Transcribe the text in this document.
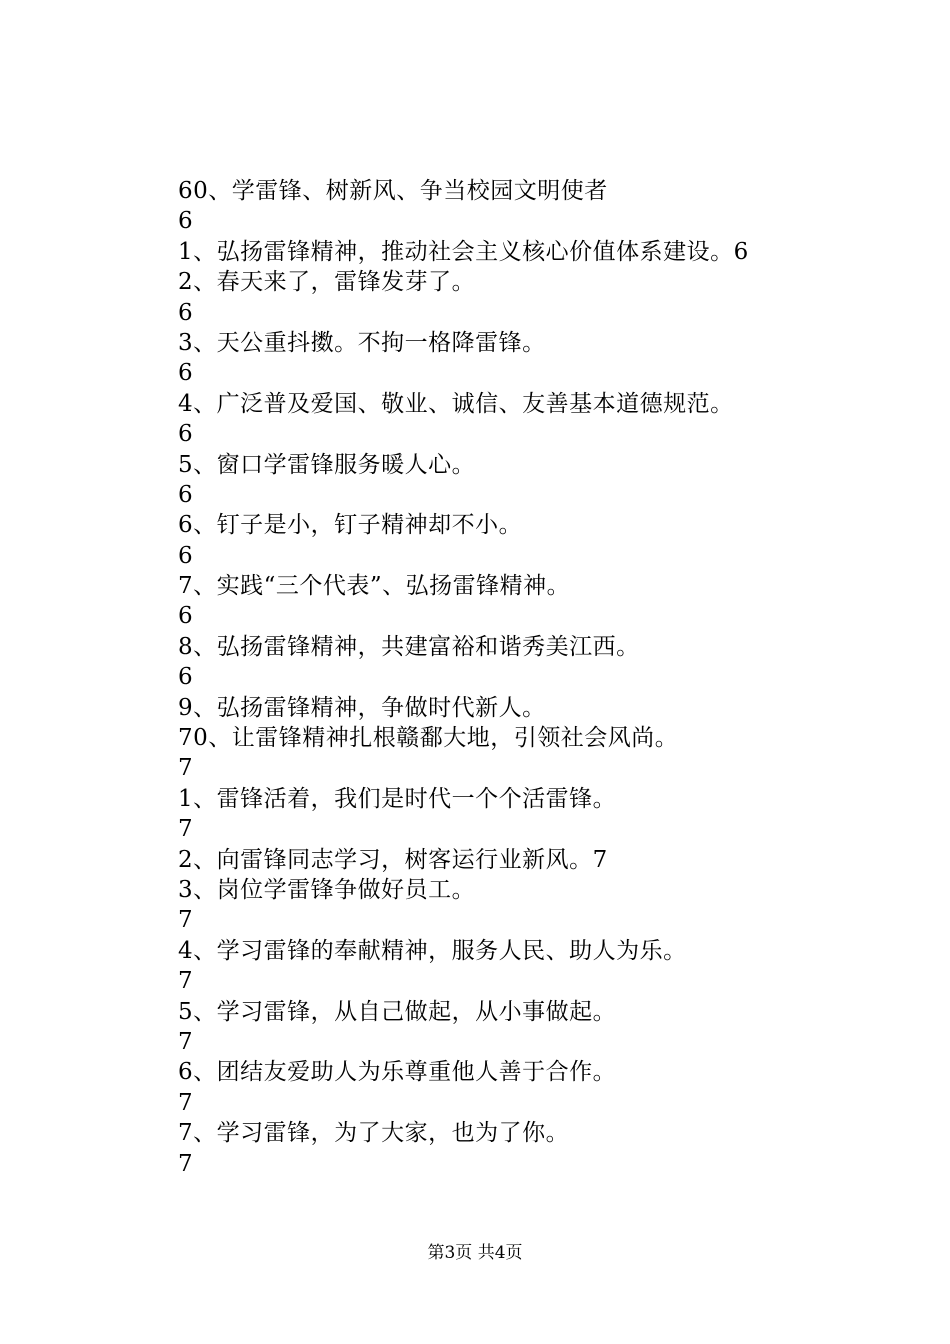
60、学雷锋、树新风、争当校园文明使者
6
1、弘扬雷锋精神，推动社会主义核心价值体系建设。6
2、春天来了，雷锋发芽了。
6
3、天公重抖擞。不拘一格降雷锋。
6
4、广泛普及爱国、敬业、诚信、友善基本道德规范。
6
5、窗口学雷锋服务暖人心。
6
6、钉子是小，钉子精神却不小。
6
7、实践“三个代表”、弘扬雷锋精神。
6
8、弘扬雷锋精神，共建富裕和谐秀美江西。
6
9、弘扬雷锋精神，争做时代新人。
70、让雷锋精神扎根赣鄱大地，引领社会风尚。
7
1、雷锋活着，我们是时代一个个活雷锋。
7
2、向雷锋同志学习，树客运行业新风。7
3、岗位学雷锋争做好员工。
7
4、学习雷锋的奉献精神，服务人民、助人为乐。
7
5、学习雷锋，从自己做起，从小事做起。
7
6、团结友爱助人为乐尊重他人善于合作。
7
7、学习雷锋，为了大家，也为了你。
7
第3页 共4页
